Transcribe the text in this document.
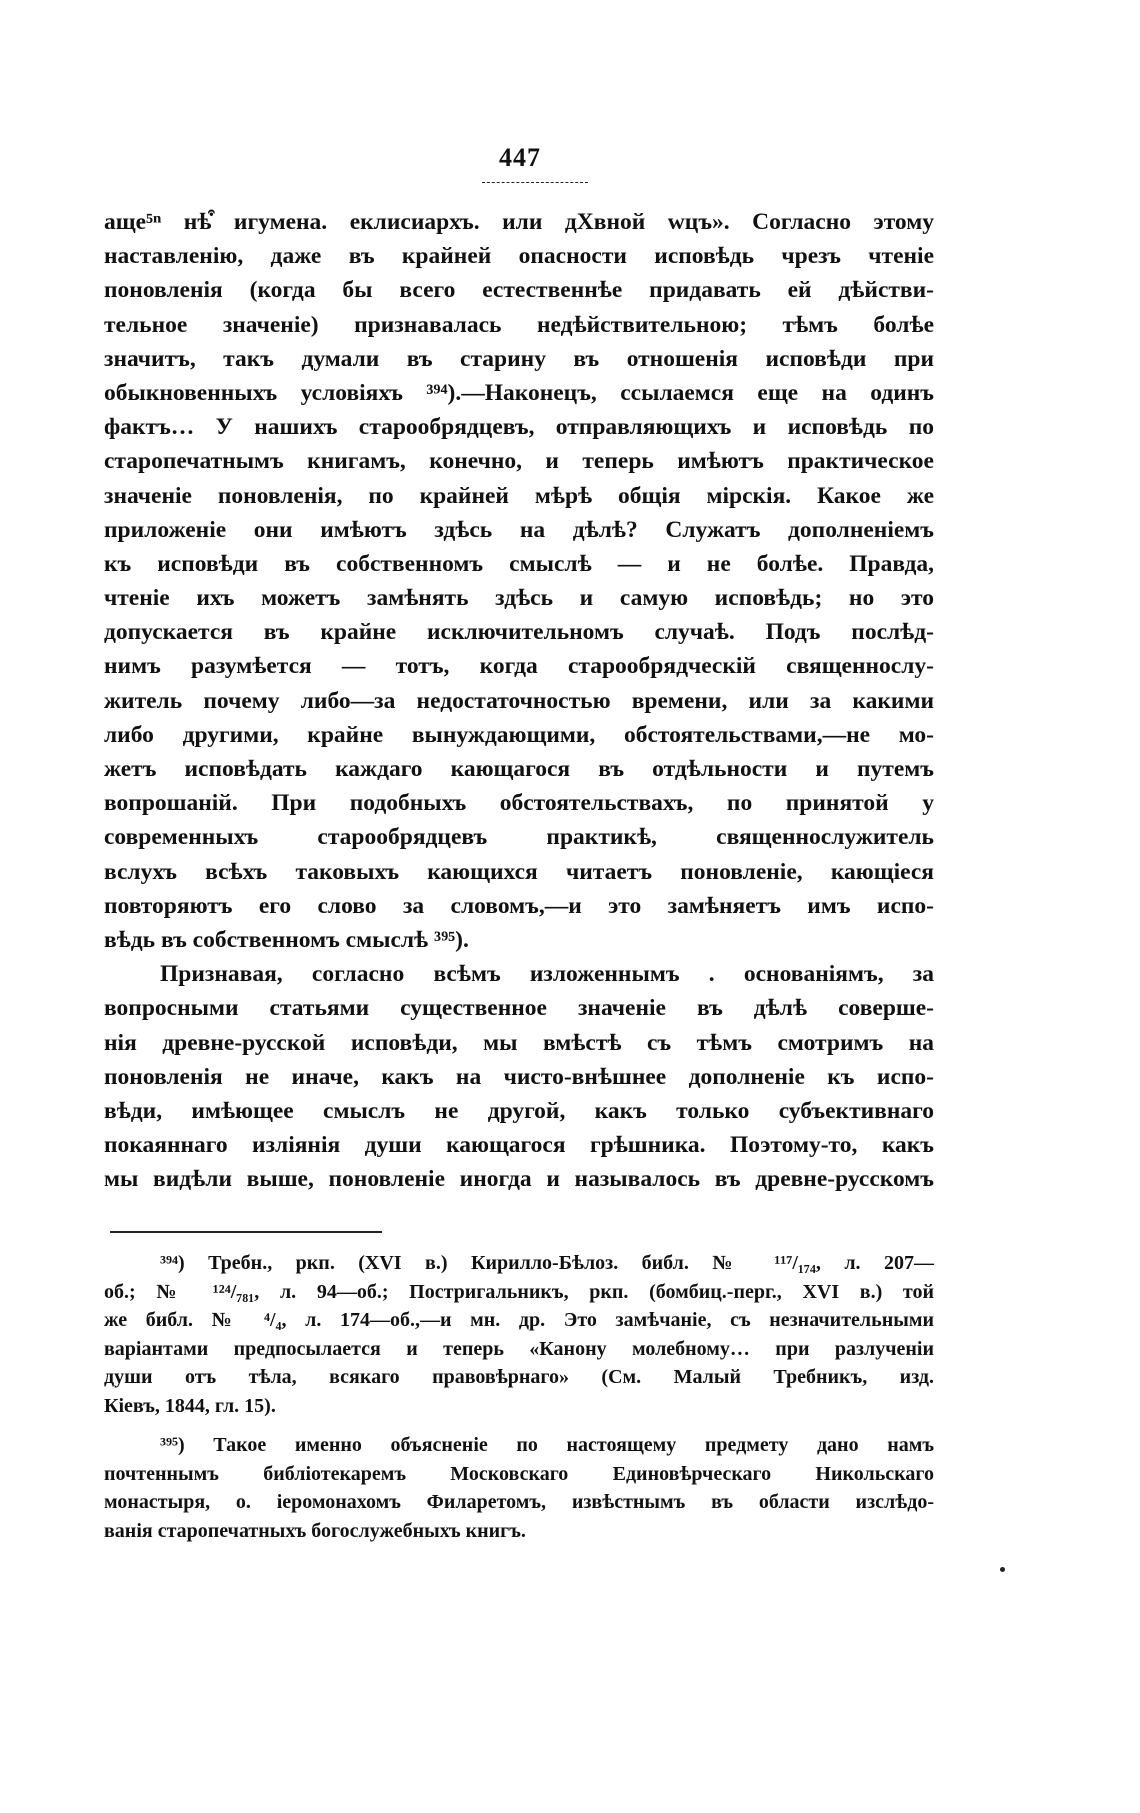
447
аще⁵ⁿ нѣ͒ игумена. еклисиархъ. или дХвной wцъ». Согласно этому
наставленію, даже въ крайней опасности исповѣдь чрезъ чтеніе
поновленія (когда бы всего естественнѣе придавать ей дѣйстви-
тельное значеніе) признавалась недѣйствительною; тѣмъ болѣе
значитъ, такъ думали въ старину въ отношенія исповѣди при
обыкновенныхъ условіяхъ ³⁹⁴).—Наконецъ, ссылаемся еще на одинъ
фактъ… У нашихъ старообрядцевъ, отправляющихъ и исповѣдь по
старопечатнымъ книгамъ, конечно, и теперь имѣютъ практическое
значеніе поновленія, по крайней мѣрѣ общія мірскія. Какое же
приложеніе они имѣютъ здѣсь на дѣлѣ? Служатъ дополненіемъ
къ исповѣди въ собственномъ смыслѣ — и не болѣе. Правда,
чтеніе ихъ можетъ замѣнять здѣсь и самую исповѣдь; но это
допускается въ крайне исключительномъ случаѣ. Подъ послѣд-
нимъ разумѣется — тотъ, когда старообрядческій священнослу-
житель почему либо—за недостаточностью времени, или за какими
либо другими, крайне вынуждающими, обстоятельствами,—не мо-
жетъ исповѣдать каждаго кающагося въ отдѣльности и путемъ
вопрошаній. При подобныхъ обстоятельствахъ, по принятой у
современныхъ старообрядцевъ практикѣ, священнослужитель
вслухъ всѣхъ таковыхъ кающихся читаетъ поновленіе, кающіеся
повторяютъ его слово за словомъ,—и это замѣняетъ имъ испо-
вѣдь въ собственномъ смыслѣ ³⁹⁵).
Признавая, согласно всѣмъ изложеннымъ . основаніямъ, за
вопросными статьями существенное значеніе въ дѣлѣ соверше-
нія древне-русской исповѣди, мы вмѣстѣ съ тѣмъ смотримъ на
поновленія не иначе, какъ на чисто-внѣшнее дополненіе къ испо-
вѣди, имѣющее смыслъ не другой, какъ только субъективнаго
покаяннаго изліянія души кающагося грѣшника. Поэтому-то, какъ
мы видѣли выше, поновленіе иногда и называлось въ древне-русскомъ
³⁹⁴) Требн., ркп. (XVI в.) Кирилло-Бѣлоз. библ. № ¹¹⁷/₁₇₄, л. 207—
об.; № ¹²⁴/₇₈₁, л. 94—об.; Постригальникъ, ркп. (бомбиц.-перг., XVI в.) той
же библ. № ⁴/₄, л. 174—об.,—и мн. др. Это замѣчаніе, съ незначительными
варіантами предпосылается и теперь «Канону молебному… при разлученіи
души отъ тѣла, всякаго правовѣрнаго» (См. Малый Требникъ, изд.
Кіевъ, 1844, гл. 15).
³⁹⁵) Такое именно объясненіе по настоящему предмету дано намъ
почтеннымъ библіотекаремъ Московскаго Единовѣрческаго Никольскаго
монастыря, о. іеромонахомъ Филаретомъ, извѣстнымъ въ области изслѣдо-
ванія старопечатныхъ богослужебныхъ книгъ.
